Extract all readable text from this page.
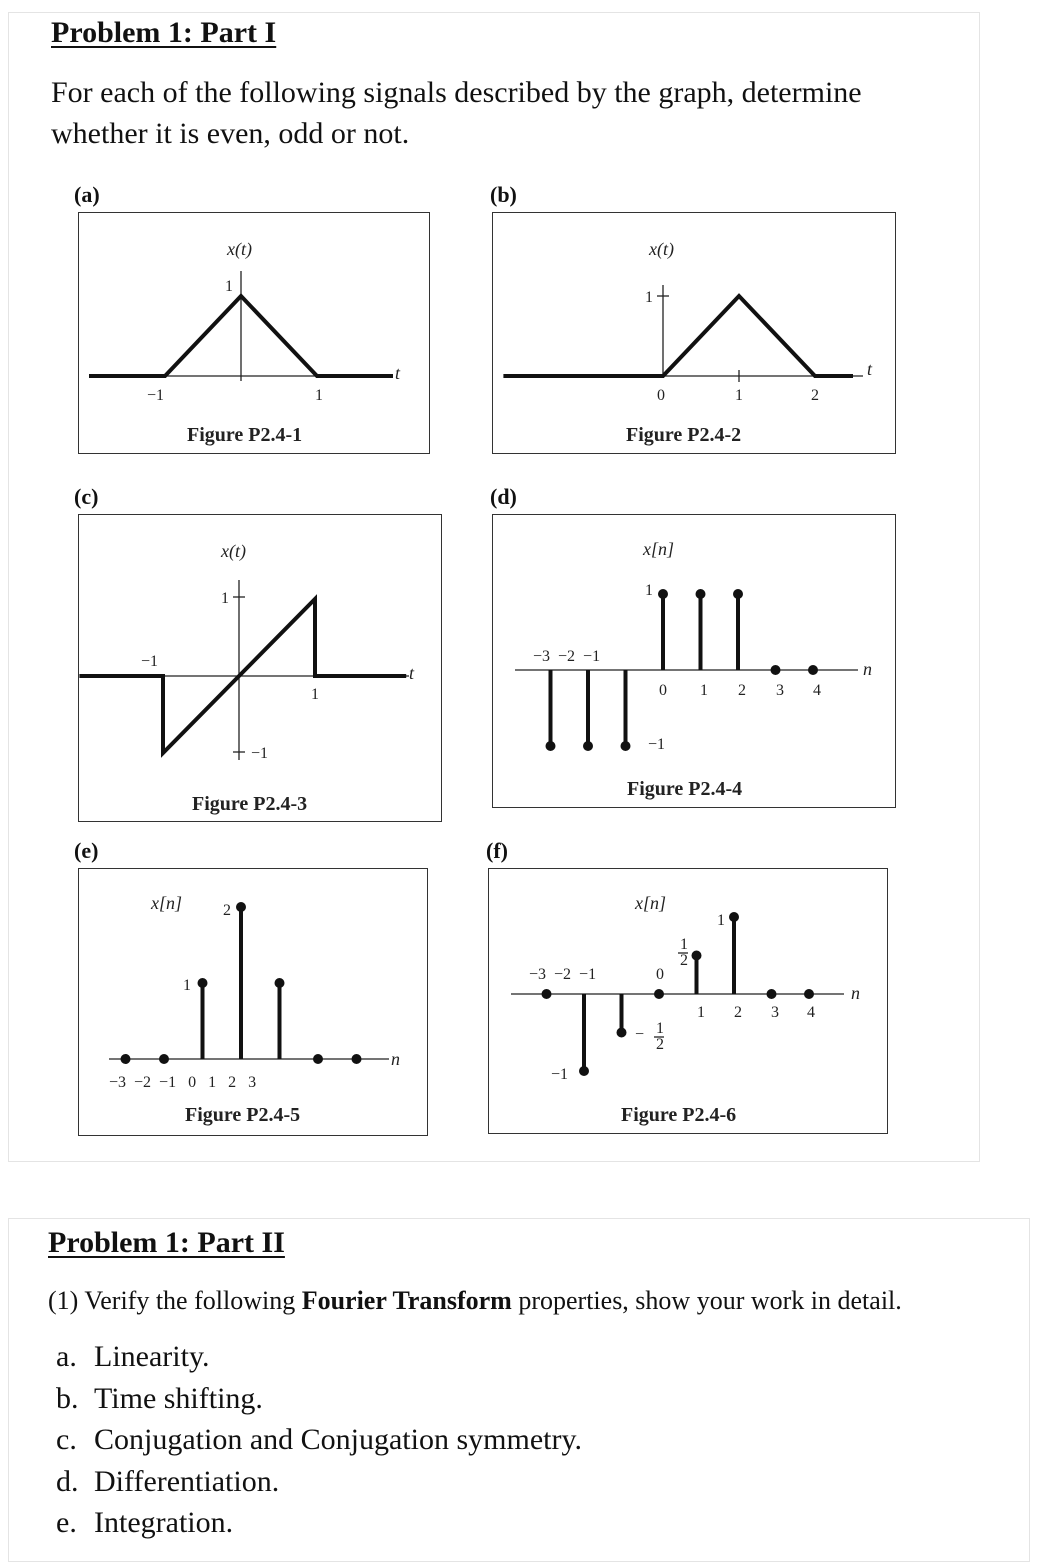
Problem 1: Part I

For each of the following signals described by the graph, determine

whether it is even, odd or not.

(a)
x(t)
1
−1	1
t
Figure P2.4-1
(b)
x(t)
1
0	1	2
t
Figure P2.4-2
(c)
x(t)
1
−1
−1
1
t
Figure P2.4-3
(d)
x[n]
1
−1
−3  −2  −1
0 1 2 3 4
n
Figure P2.4-4
(e)
x[n]	2
1
−3  −2  −1   0   1   2   3
n
Figure P2.4-5
(f)
x[n]
1
1
2
− 1
2
−1
−3  −2  −1	0
1 2 3 4
n
Figure P2.4-6
Problem 1: Part II

(1) Verify the following Fourier Transform properties, show your work in detail.

a. Linearity.
b. Time shifting.
c. Conjugation and Conjugation symmetry.
d. Differentiation.
e. Integration.
